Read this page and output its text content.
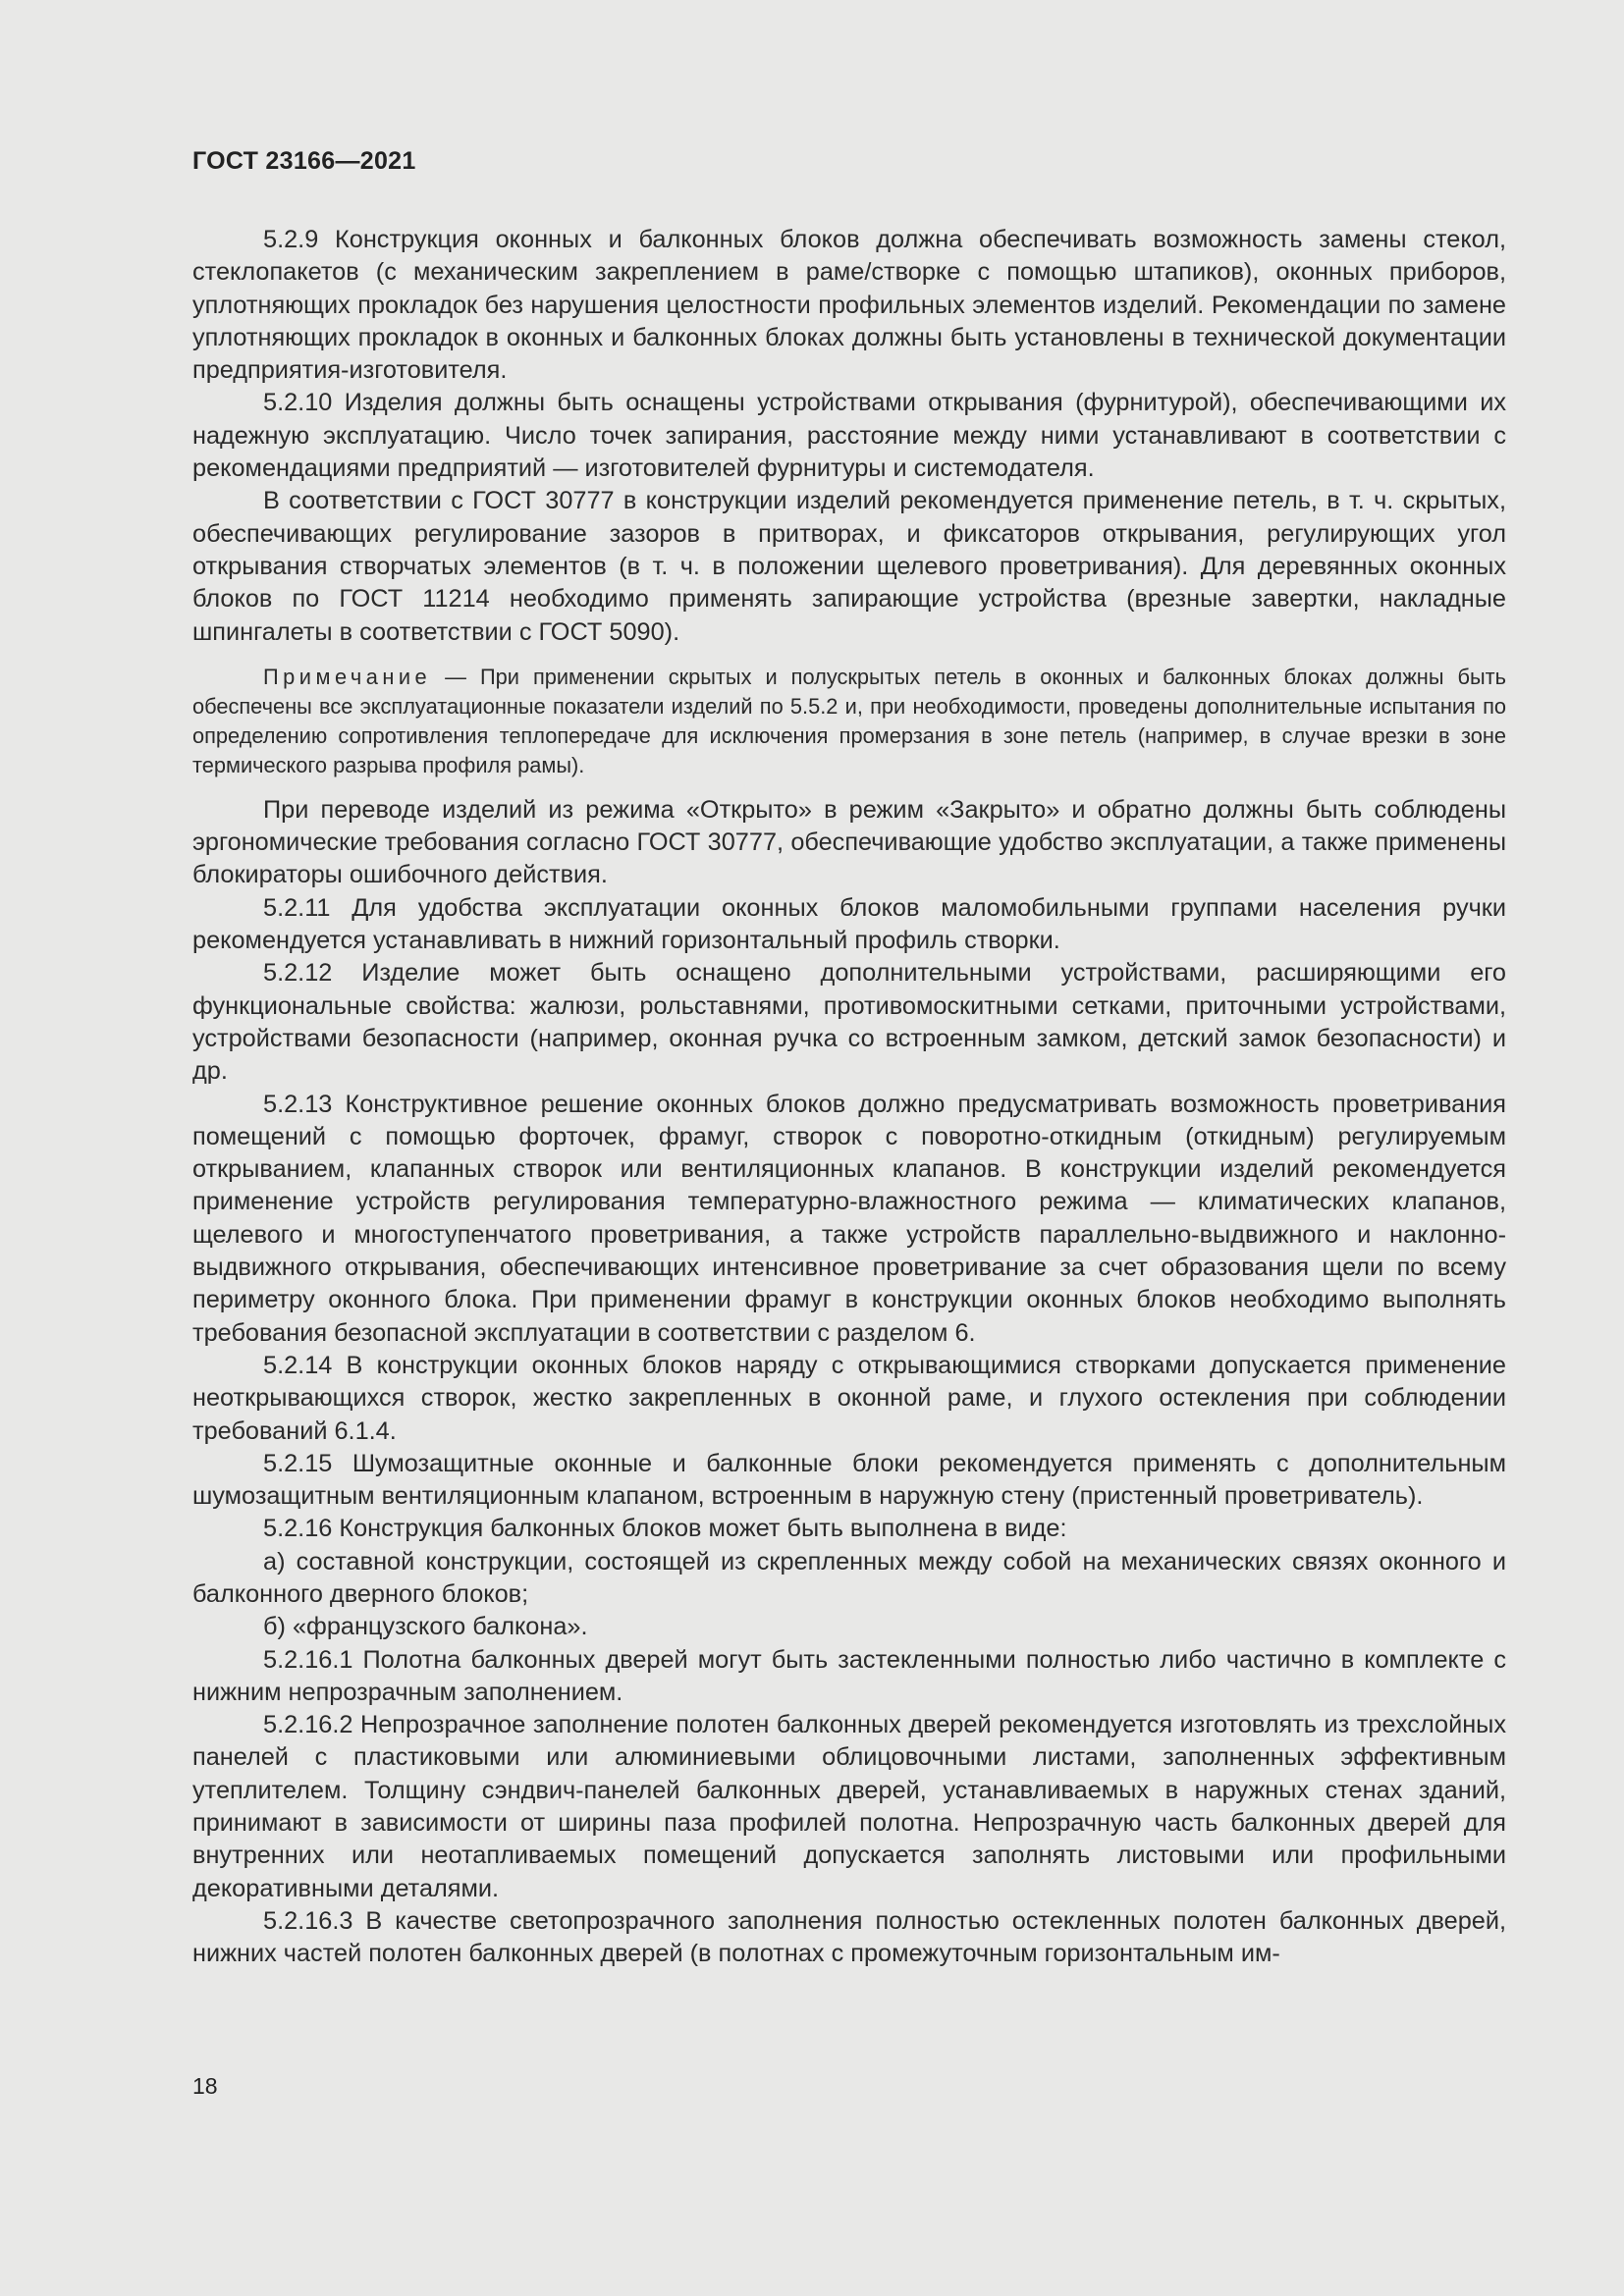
ГОСТ 23166—2021

5.2.9 Конструкция оконных и балконных блоков должна обеспечивать возможность замены стекол, стеклопакетов (с механическим закреплением в раме/створке с помощью штапиков), оконных приборов, уплотняющих прокладок без нарушения целостности профильных элементов изделий. Рекомендации по замене уплотняющих прокладок в оконных и балконных блоках должны быть установлены в технической документации предприятия-изготовителя.

5.2.10 Изделия должны быть оснащены устройствами открывания (фурнитурой), обеспечивающими их надежную эксплуатацию. Число точек запирания, расстояние между ними устанавливают в соответствии с рекомендациями предприятий — изготовителей фурнитуры и системодателя.

В соответствии с ГОСТ 30777 в конструкции изделий рекомендуется применение петель, в т. ч. скрытых, обеспечивающих регулирование зазоров в притворах, и фиксаторов открывания, регулирующих угол открывания створчатых элементов (в т. ч. в положении щелевого проветривания). Для деревянных оконных блоков по ГОСТ 11214 необходимо применять запирающие устройства (врезные завертки, накладные шпингалеты в соответствии с ГОСТ 5090).

Примечание — При применении скрытых и полускрытых петель в оконных и балконных блоках должны быть обеспечены все эксплуатационные показатели изделий по 5.5.2 и, при необходимости, проведены дополнительные испытания по определению сопротивления теплопередаче для исключения промерзания в зоне петель (например, в случае врезки в зоне термического разрыва профиля рамы).

При переводе изделий из режима «Открыто» в режим «Закрыто» и обратно должны быть соблюдены эргономические требования согласно ГОСТ 30777, обеспечивающие удобство эксплуатации, а также применены блокираторы ошибочного действия.

5.2.11 Для удобства эксплуатации оконных блоков маломобильными группами населения ручки рекомендуется устанавливать в нижний горизонтальный профиль створки.

5.2.12 Изделие может быть оснащено дополнительными устройствами, расширяющими его функциональные свойства: жалюзи, рольставнями, противомоскитными сетками, приточными устройствами, устройствами безопасности (например, оконная ручка со встроенным замком, детский замок безопасности) и др.

5.2.13 Конструктивное решение оконных блоков должно предусматривать возможность проветривания помещений с помощью форточек, фрамуг, створок с поворотно-откидным (откидным) регулируемым открыванием, клапанных створок или вентиляционных клапанов. В конструкции изделий рекомендуется применение устройств регулирования температурно-влажностного режима — климатических клапанов, щелевого и многоступенчатого проветривания, а также устройств параллельно-выдвижного и наклонно-выдвижного открывания, обеспечивающих интенсивное проветривание за счет образования щели по всему периметру оконного блока. При применении фрамуг в конструкции оконных блоков необходимо выполнять требования безопасной эксплуатации в соответствии с разделом 6.

5.2.14 В конструкции оконных блоков наряду с открывающимися створками допускается применение неоткрывающихся створок, жестко закрепленных в оконной раме, и глухого остекления при соблюдении требований 6.1.4.

5.2.15 Шумозащитные оконные и балконные блоки рекомендуется применять с дополнительным шумозащитным вентиляционным клапаном, встроенным в наружную стену (пристенный проветриватель).

5.2.16 Конструкция балконных блоков может быть выполнена в виде:

а) составной конструкции, состоящей из скрепленных между собой на механических связях оконного и балконного дверного блоков;

б) «французского балкона».

5.2.16.1 Полотна балконных дверей могут быть застекленными полностью либо частично в комплекте с нижним непрозрачным заполнением.

5.2.16.2 Непрозрачное заполнение полотен балконных дверей рекомендуется изготовлять из трехслойных панелей с пластиковыми или алюминиевыми облицовочными листами, заполненных эффективным утеплителем. Толщину сэндвич-панелей балконных дверей, устанавливаемых в наружных стенах зданий, принимают в зависимости от ширины паза профилей полотна. Непрозрачную часть балконных дверей для внутренних или неотапливаемых помещений допускается заполнять листовыми или профильными декоративными деталями.

5.2.16.3 В качестве светопрозрачного заполнения полностью остекленных полотен балконных дверей, нижних частей полотен балконных дверей (в полотнах с промежуточным горизонтальным им-

18
